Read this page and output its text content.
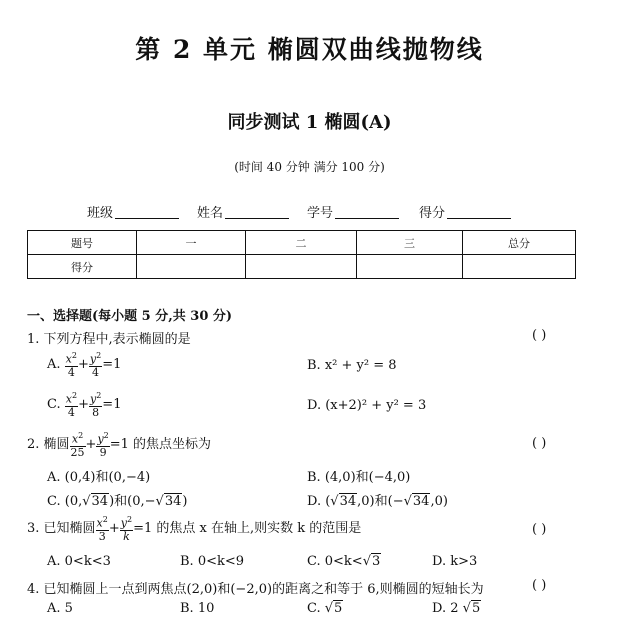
第 2 单元 椭圆双曲线抛物线
同步测试 1 椭圆(A)
(时间 40 分钟 满分 100 分)
班级	姓名	学号	得分
题号	一	二	三	总分
得分				
一、选择题(每小题 5 分,共 30 分)
1. 下列方程中,表示椭圆的是	( )
A. $\frac{x^2}{4} + \frac{y^2}{4} =1$	B. x² + y² = 8
C. $\frac{x^2}{4} + \frac{y^2}{8} =1$	D. (x+2)² + y² = 3
2. 椭圆 $\frac{x^2}{25} + \frac{y^2}{9} =1$ 的焦点坐标为	( )
A. (0,4)和(0,−4)	B. (4,0)和(−4,0)
C. (0,√34)和(0,−√34)	D. (√34,0)和(−√34,0)
3. 已知椭圆 $\frac{x^2}{3} + \frac{y^2}{k} =1$ 的焦点 x 在轴上,则实数 k 的范围是	( )
A. 0<k<3	B. 0<k<9	C. 0<k<√3	D. k>3
4. 已知椭圆上一点到两焦点(2,0)和(−2,0)的距离之和等于 6,则椭圆的短轴长为	( )
A. 5	B. 10	C. √5	D. 2 √5
